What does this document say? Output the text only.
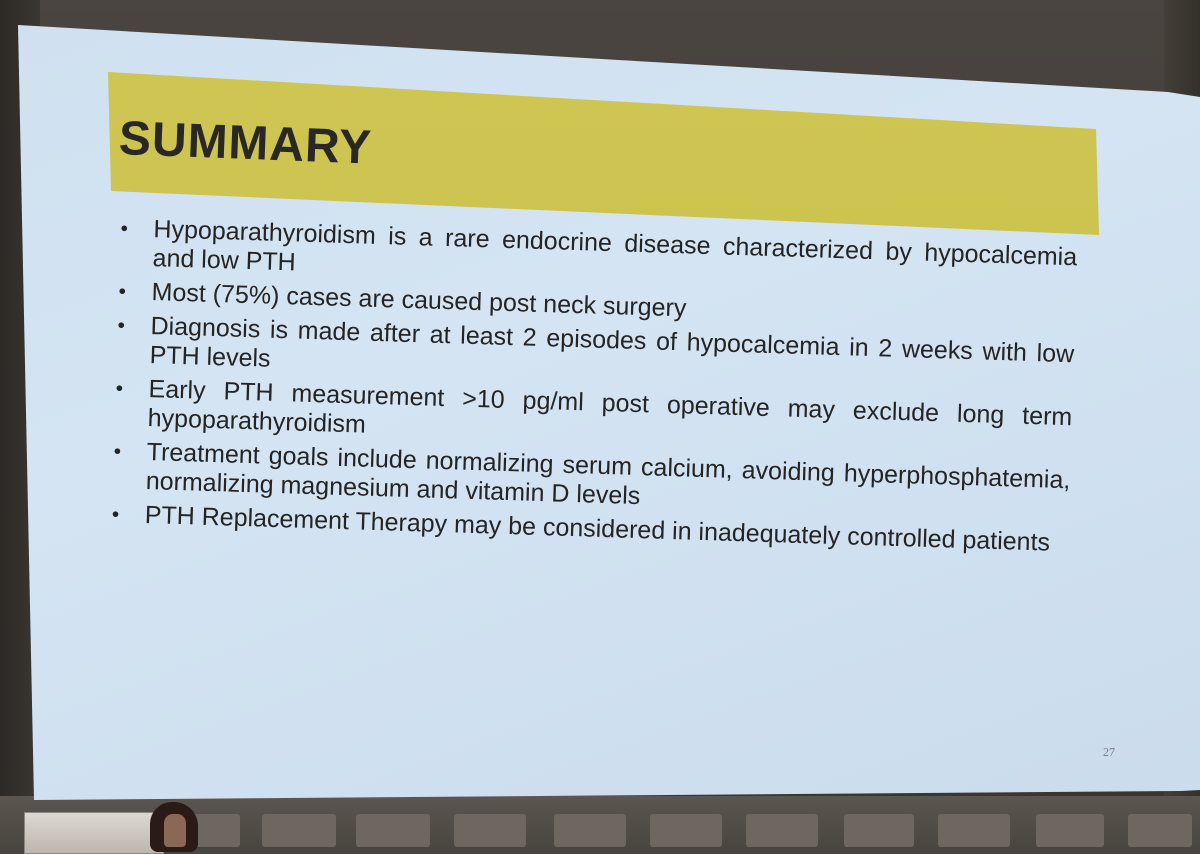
SUMMARY
• Hypoparathyroidism is a rare endocrine disease characterized by hypocalcemia and low PTH
• Most (75%) cases are caused post neck surgery
• Diagnosis is made after at least 2 episodes of hypocalcemia in 2 weeks with low PTH levels
• Early PTH measurement >10 pg/ml post operative may exclude long term hypoparathyroidism
• Treatment goals include normalizing serum calcium, avoiding hyperphosphatemia, normalizing magnesium and vitamin D levels
• PTH Replacement Therapy may be considered in inadequately controlled patients
27
